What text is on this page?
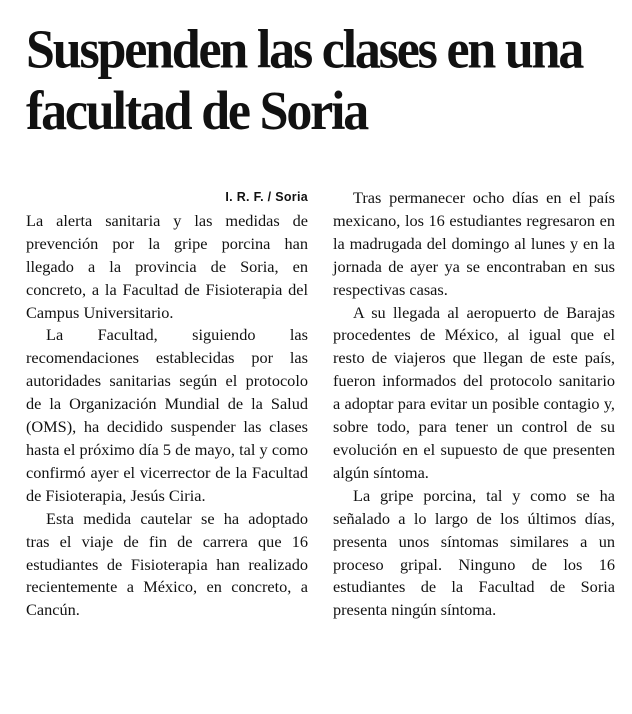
Suspenden las clases en una facultad de Soria
I. R. F. / Soria

La alerta sanitaria y las medidas de prevención por la gripe porcina han llegado a la provincia de Soria, en concreto, a la Facultad de Fisioterapia del Campus Universitario.

La Facultad, siguiendo las recomendaciones establecidas por las autoridades sanitarias según el protocolo de la Organización Mundial de la Salud (OMS), ha decidido suspender las clases hasta el próximo día 5 de mayo, tal y como confirmó ayer el vicerrector de la Facultad de Fisioterapia, Jesús Ciria.

Esta medida cautelar se ha adoptado tras el viaje de fin de carrera que 16 estudiantes de Fisioterapia han realizado recientemente a México, en concreto, a Cancún.

Tras permanecer ocho días en el país mexicano, los 16 estudiantes regresaron en la madrugada del domingo al lunes y en la jornada de ayer ya se encontraban en sus respectivas casas.

A su llegada al aeropuerto de Barajas procedentes de México, al igual que el resto de viajeros que llegan de este país, fueron informados del protocolo sanitario a adoptar para evitar un posible contagio y, sobre todo, para tener un control de su evolución en el supuesto de que presenten algún síntoma.

La gripe porcina, tal y como se ha señalado a lo largo de los últimos días, presenta unos síntomas similares a un proceso gripal. Ninguno de los 16 estudiantes de la Facultad de Soria presenta ningún síntoma.
